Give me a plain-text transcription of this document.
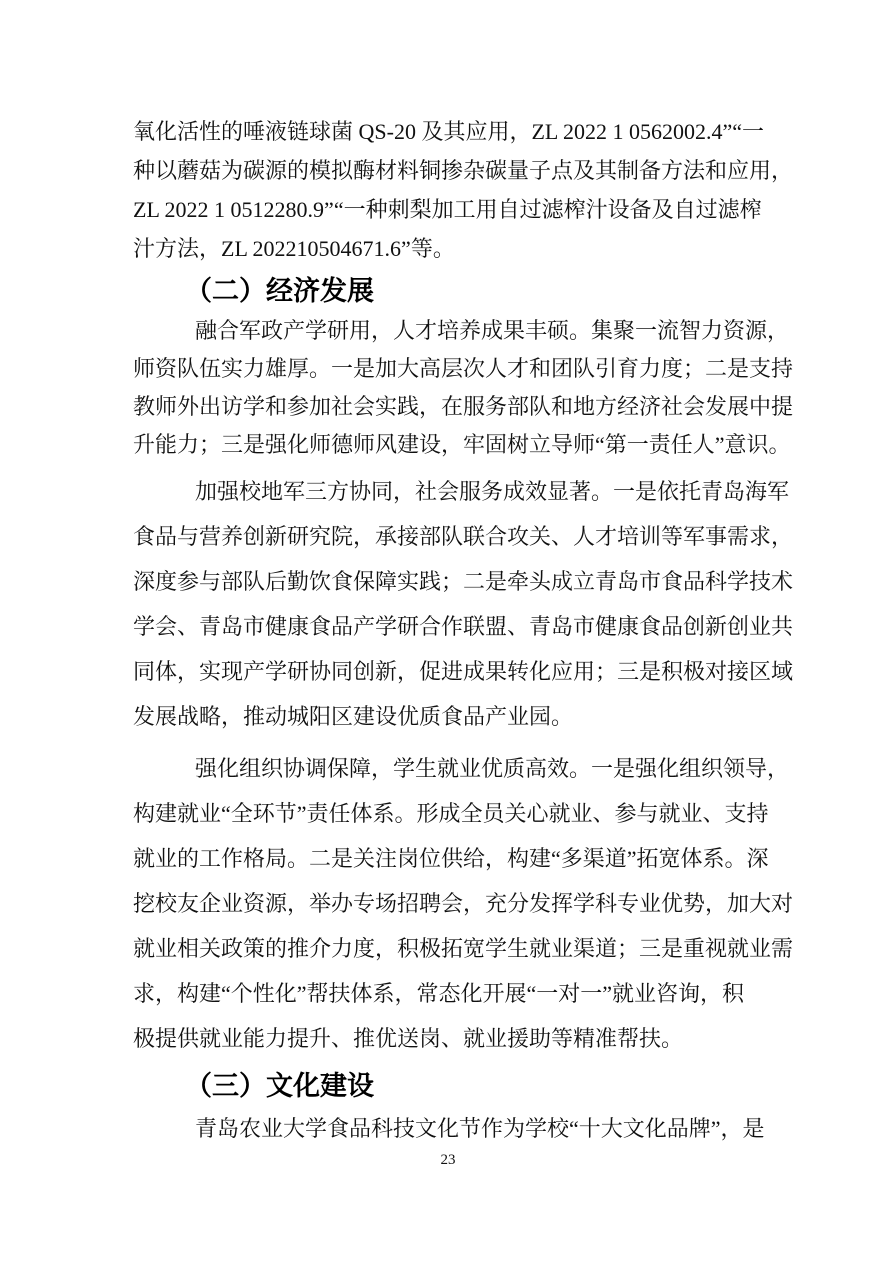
氧化活性的唾液链球菌 QS-20 及其应用，ZL 2022 1 0562002.4”“一
种以蘑菇为碳源的模拟酶材料铜掺杂碳量子点及其制备方法和应用，
ZL 2022 1 0512280.9”“一种刺梨加工用自过滤榨汁设备及自过滤榨
汁方法，ZL 202210504671.6”等。
（二）经济发展
融合军政产学研用，人才培养成果丰硕。集聚一流智力资源，
师资队伍实力雄厚。一是加大高层次人才和团队引育力度；二是支持
教师外出访学和参加社会实践，在服务部队和地方经济社会发展中提
升能力；三是强化师德师风建设，牢固树立导师“第一责任人”意识。
加强校地军三方协同，社会服务成效显著。一是依托青岛海军
食品与营养创新研究院，承接部队联合攻关、人才培训等军事需求，
深度参与部队后勤饮食保障实践；二是牵头成立青岛市食品科学技术
学会、青岛市健康食品产学研合作联盟、青岛市健康食品创新创业共
同体，实现产学研协同创新，促进成果转化应用；三是积极对接区域
发展战略，推动城阳区建设优质食品产业园。
强化组织协调保障，学生就业优质高效。一是强化组织领导，
构建就业“全环节”责任体系。形成全员关心就业、参与就业、支持
就业的工作格局。二是关注岗位供给，构建“多渠道”拓宽体系。深
挖校友企业资源，举办专场招聘会，充分发挥学科专业优势，加大对
就业相关政策的推介力度，积极拓宽学生就业渠道；三是重视就业需
求，构建“个性化”帮扶体系，常态化开展“一对一”就业咨询，积
极提供就业能力提升、推优送岗、就业援助等精准帮扶。
（三）文化建设
青岛农业大学食品科技文化节作为学校“十大文化品牌”，是
23
